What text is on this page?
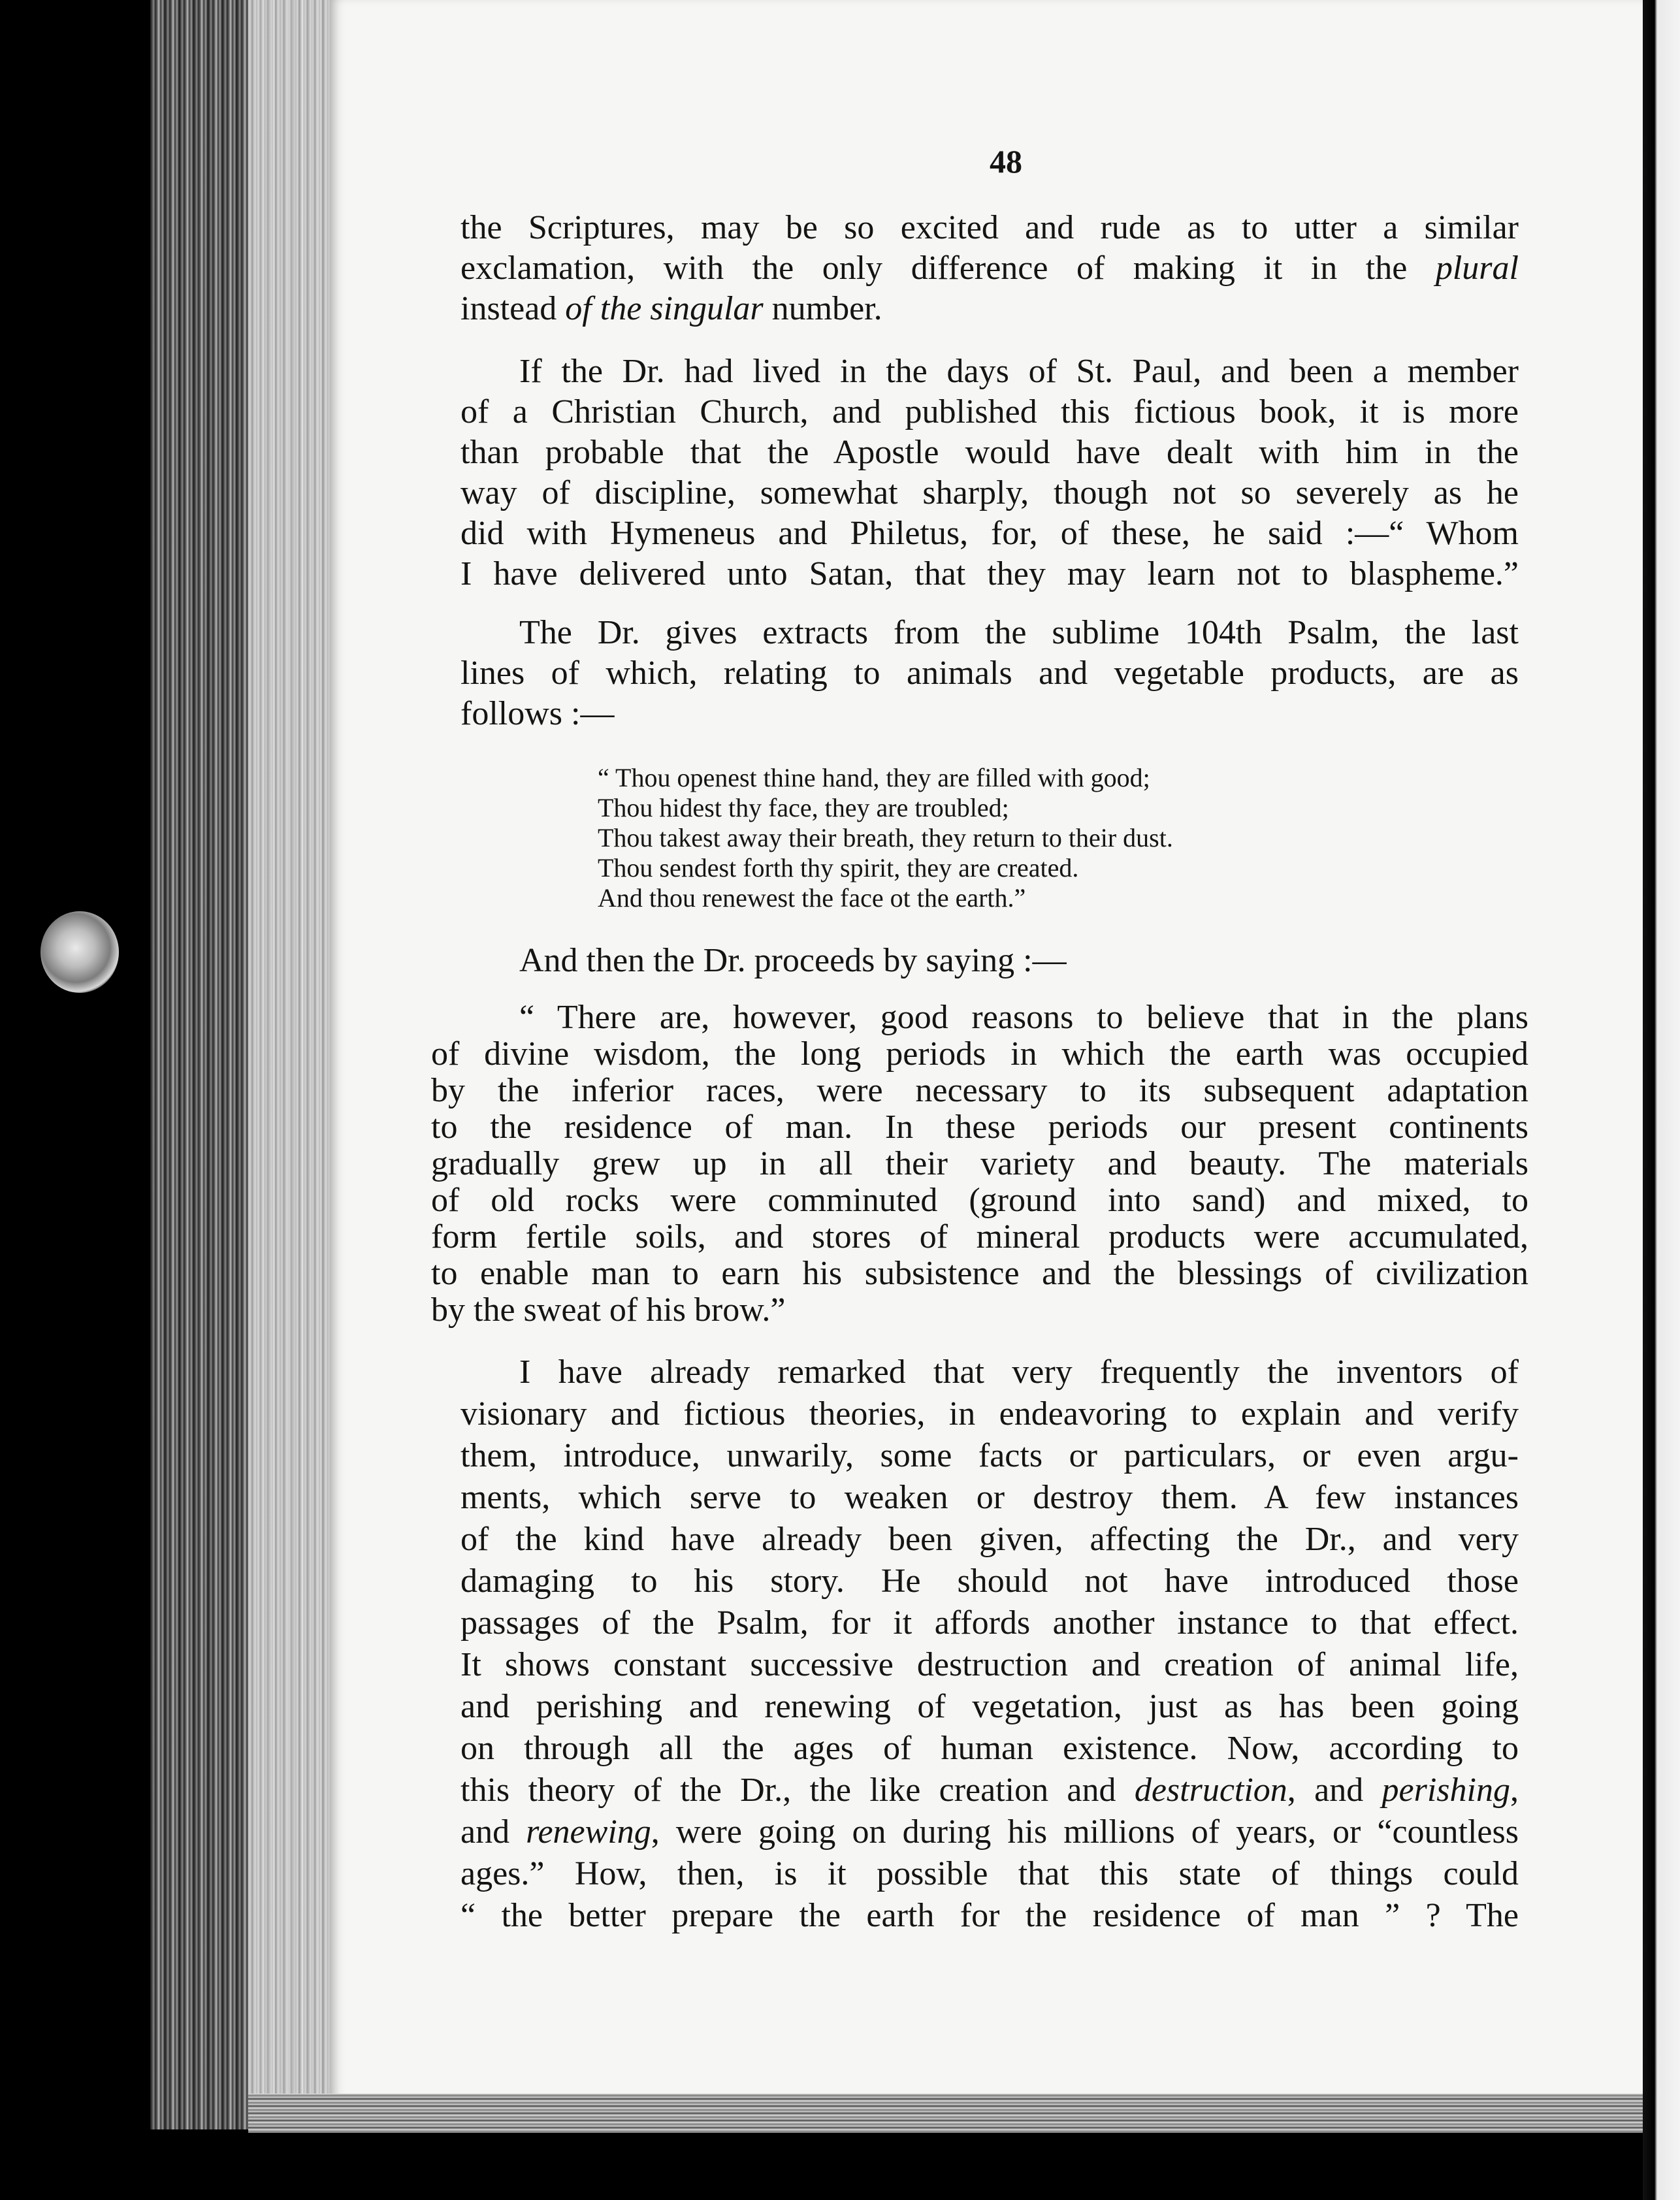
48
the Scriptures, may be so excited and rude as to utter a similar
exclamation, with the only difference of making it in the plural
instead of the singular number.
If the Dr. had lived in the days of St. Paul, and been a member
of a Christian Church, and published this fictious book, it is more
than probable that the Apostle would have dealt with him in the
way of discipline, somewhat sharply, though not so severely as he
did with Hymeneus and Philetus, for, of these, he said :—“ Whom
I have delivered unto Satan, that they may learn not to blaspheme.”
The Dr. gives extracts from the sublime 104th Psalm, the last
lines of which, relating to animals and vegetable products, are as
follows :—
“ Thou openest thine hand, they are filled with good;
Thou hidest thy face, they are troubled;
Thou takest away their breath, they return to their dust.
Thou sendest forth thy spirit, they are created.
And thou renewest the face ot the earth.”
And then the Dr. proceeds by saying :—
“ There are, however, good reasons to believe that in the plans
of divine wisdom, the long periods in which the earth was occupied
by the inferior races, were necessary to its subsequent adaptation
to the residence of man. In these periods our present continents
gradually grew up in all their variety and beauty. The materials
of old rocks were comminuted (ground into sand) and mixed, to
form fertile soils, and stores of mineral products were accumulated,
to enable man to earn his subsistence and the blessings of civilization
by the sweat of his brow.”
I have already remarked that very frequently the inventors of
visionary and fictious theories, in endeavoring to explain and verify
them, introduce, unwarily, some facts or particulars, or even argu-
ments, which serve to weaken or destroy them. A few instances
of the kind have already been given, affecting the Dr., and very
damaging to his story. He should not have introduced those
passages of the Psalm, for it affords another instance to that effect.
It shows constant successive destruction and creation of animal life,
and perishing and renewing of vegetation, just as has been going
on through all the ages of human existence. Now, according to
this theory of the Dr., the like creation and destruction, and perishing,
and renewing, were going on during his millions of years, or “countless
ages.” How, then, is it possible that this state of things could
“ the better prepare the earth for the residence of man ” ? The
